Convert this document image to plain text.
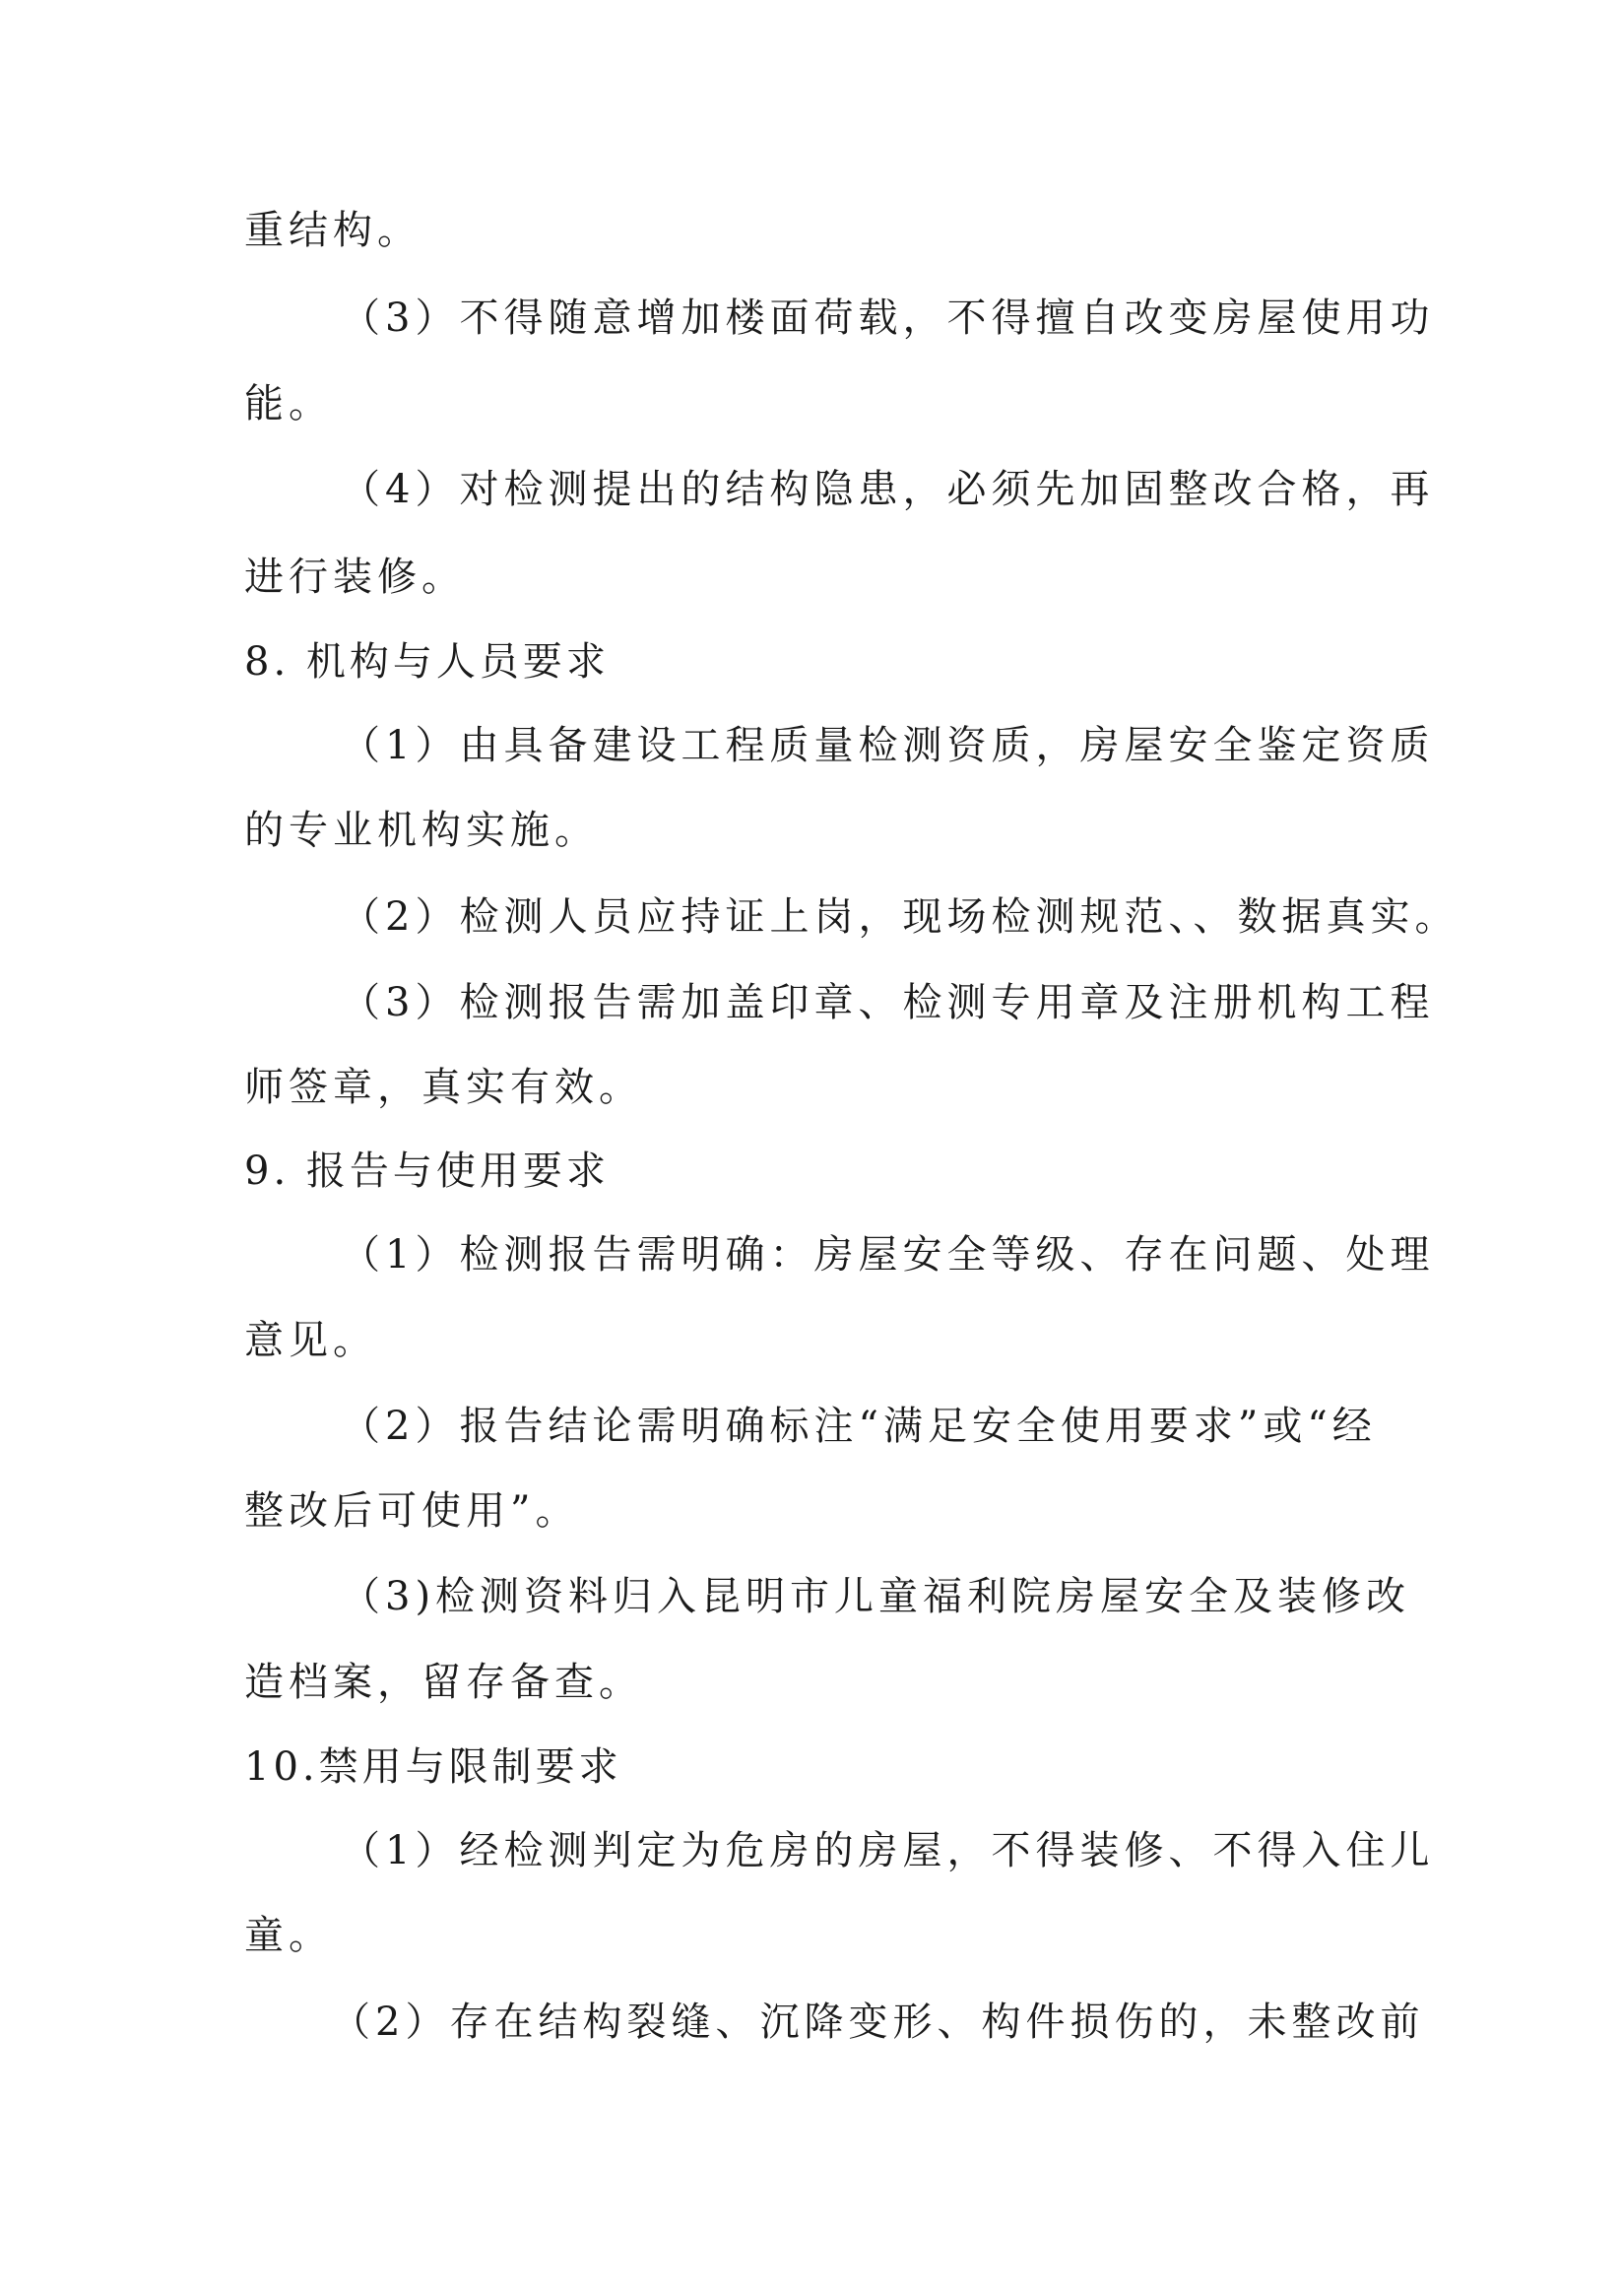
重结构。
（3）不得随意增加楼面荷载，不得擅自改变房屋使用功
能。
（4）对检测提出的结构隐患，必须先加固整改合格，再
进行装修。
8. 机构与人员要求
（1）由具备建设工程质量检测资质，房屋安全鉴定资质
的专业机构实施。
（2）检测人员应持证上岗，现场检测规范、、数据真实。
（3）检测报告需加盖印章、检测专用章及注册机构工程
师签章，真实有效。
9. 报告与使用要求
（1）检测报告需明确：房屋安全等级、存在问题、处理
意见。
（2）报告结论需明确标注“满足安全使用要求”或“经
整改后可使用”。
（3)检测资料归入昆明市儿童福利院房屋安全及装修改
造档案，留存备查。
10.禁用与限制要求
（1）经检测判定为危房的房屋，不得装修、不得入住儿
童。
（2）存在结构裂缝、沉降变形、构件损伤的，未整改前
